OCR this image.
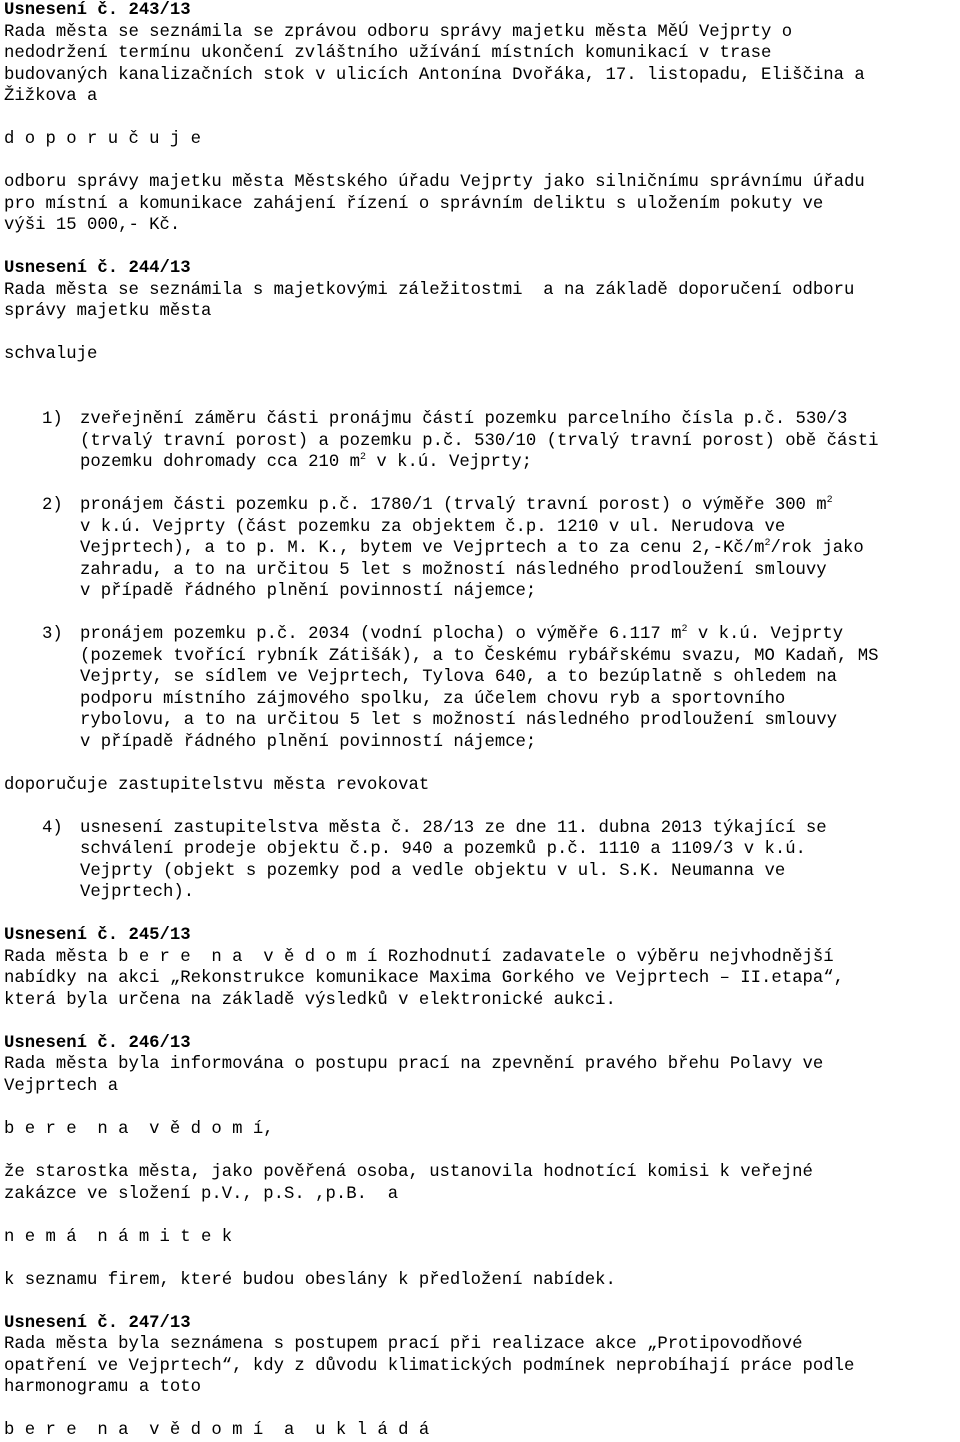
Usnesení č. 243/13
Rada města se seznámila se zprávou odboru správy majetku města MěÚ Vejprty o
nedodržení termínu ukončení zvláštního užívání místních komunikací v trase
budovaných kanalizačních stok v ulicích Antonína Dvořáka, 17. listopadu, Eliščina a
Žižkova a
d o p o r u č u j e
odboru správy majetku města Městského úřadu Vejprty jako silničnímu správnímu úřadu
pro místní a komunikace zahájení řízení o správním deliktu s uložením pokuty ve
výši 15 000,- Kč.
Usnesení č. 244/13
Rada města se seznámila s majetkovými záležitostmi  a na základě doporučení odboru
správy majetku města
schvaluje
1) zveřejnění záměru části pronájmu částí pozemku parcelního čísla p.č. 530/3
(trvalý travní porost) a pozemku p.č. 530/10 (trvalý travní porost) obě části
pozemku dohromady cca 210 $m^2$ v k.ú. Vejprty;
2) pronájem části pozemku p.č. 1780/1 (trvalý travní porost) o výměře 300 $m^2$
v k.ú. Vejprty (část pozemku za objektem č.p. 1210 v ul. Nerudova ve
Vejprtech), a to p. M. K., bytem ve Vejprtech a to za cenu $2,-Kč/m^2$/rok jako
zahradu, a to na určitou 5 let s možností následného prodloužení smlouvy
v případě řádného plnění povinností nájemce;
3) pronájem pozemku p.č. 2034 (vodní plocha) o výměře 6.117 $m^2$ v k.ú. Vejprty
(pozemek tvořící rybník Zátišák), a to Českému rybářskému svazu, MO Kadaň, MS
Vejprty, se sídlem ve Vejprtech, Tylova 640, a to bezúplatně s ohledem na
podporu místního zájmového spolku, za účelem chovu ryb a sportovního
rybolovu, a to na určitou 5 let s možností následného prodloužení smlouvy
v případě řádného plnění povinností nájemce;
doporučuje zastupitelstvu města revokovat
4) usnesení zastupitelstva města č. 28/13 ze dne 11. dubna 2013 týkající se
schválení prodeje objektu č.p. 940 a pozemků p.č. 1110 a 1109/3 v k.ú.
Vejprty (objekt s pozemky pod a vedle objektu v ul. S.K. Neumanna ve
Vejprtech).
Usnesení č. 245/13
Rada města b e r e  n a  v ě d o m í Rozhodnutí zadavatele o výběru nejvhodnější
nabídky na akci „Rekonstrukce komunikace Maxima Gorkého ve Vejprtech – II.etapa“,
která byla určena na základě výsledků v elektronické aukci.
Usnesení č. 246/13
Rada města byla informována o postupu prací na zpevnění pravého břehu Polavy ve
Vejprtech a
b e r e  n a  v ě d o m í,
že starostka města, jako pověřená osoba, ustanovila hodnotící komisi k veřejné
zakázce ve složení p.V., p.S. ,p.B.  a
n e m á  n á m i t e k
k seznamu firem, které budou obeslány k předložení nabídek.
Usnesení č. 247/13
Rada města byla seznámena s postupem prací při realizace akce „Protipovodňové
opatření ve Vejprtech“, kdy z důvodu klimatických podmínek neprobíhají práce podle
harmonogramu a toto
b e r e  n a  v ě d o m í  a  u k l á d á
